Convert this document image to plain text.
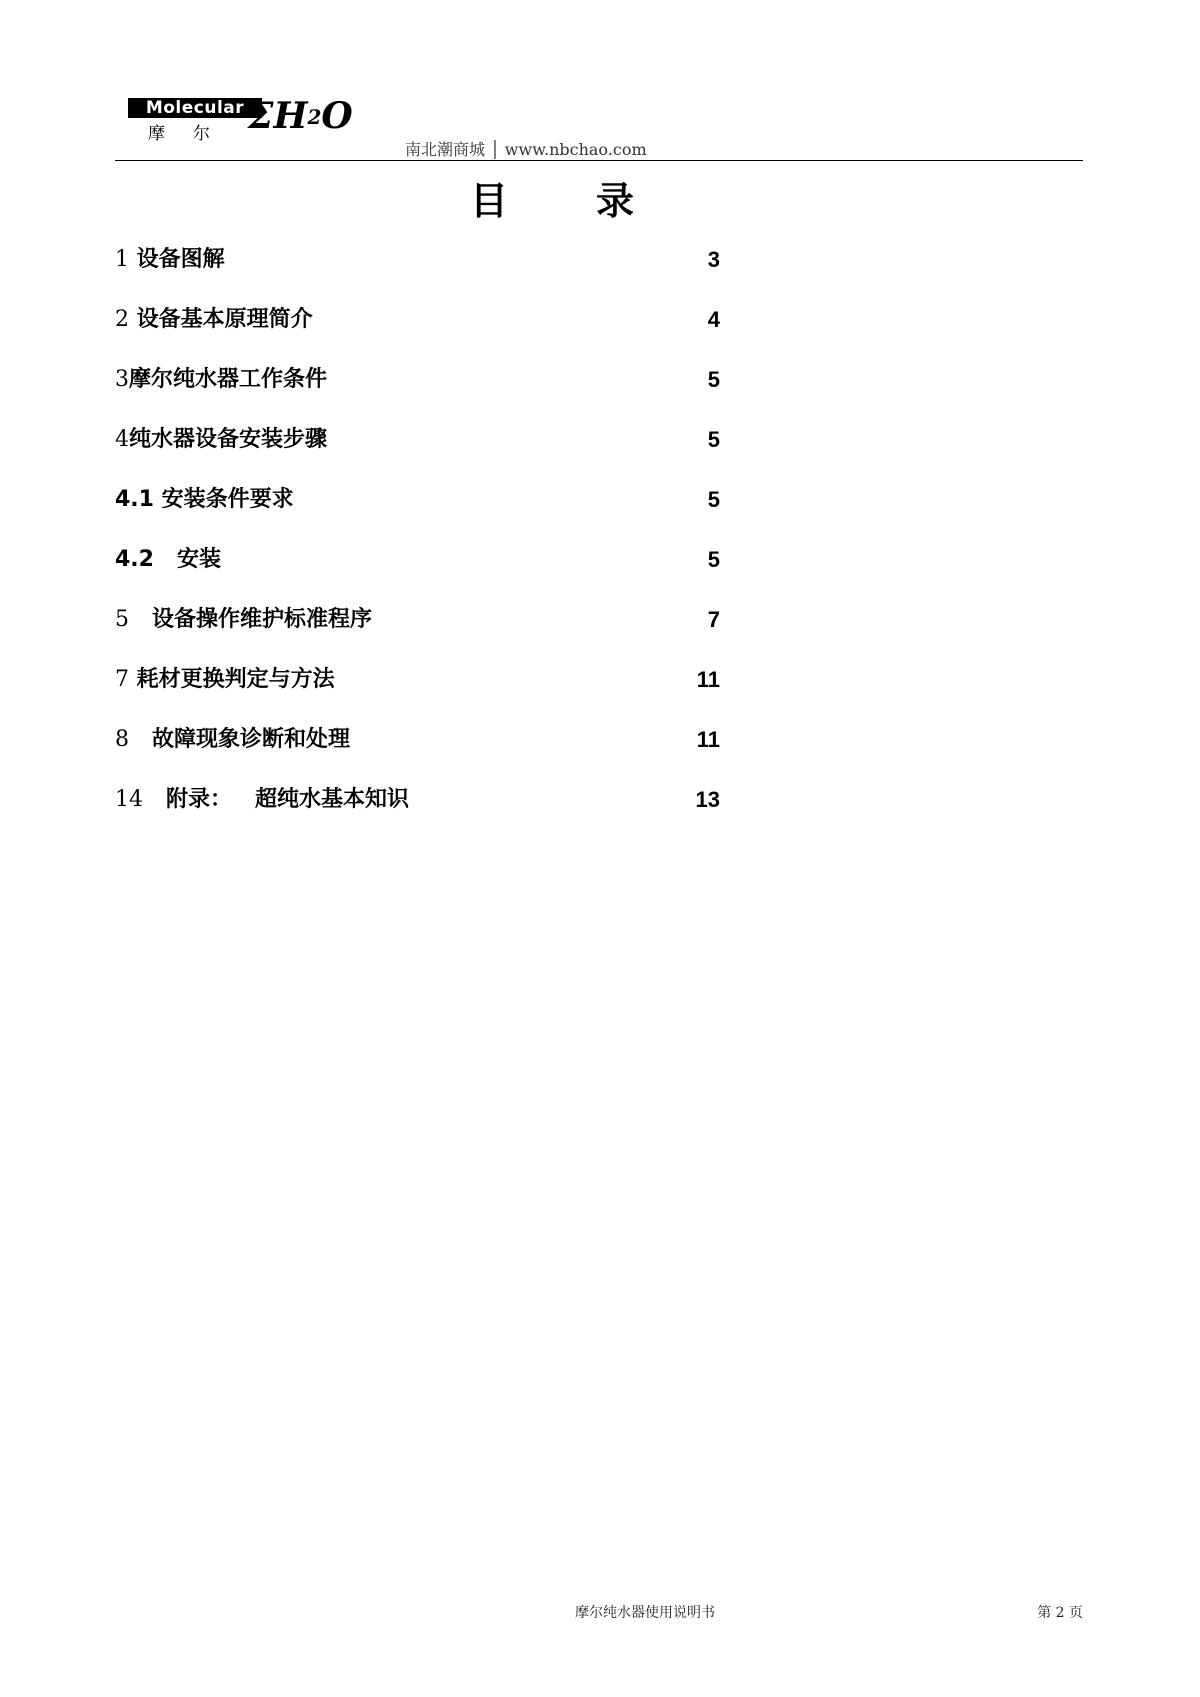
Molecular
摩尔 $\Sigma H^2O$
南北潮商城 │ www.nbchao.com
目录
1 设备图解	3
2 设备基本原理简介	4
3摩尔纯水器工作条件	5
4纯水器设备安装步骤	5
4.1 安装条件要求	5
4.2   安装	5
5   设备操作维护标准程序	7
7 耗材更换判定与方法	11
8   故障现象诊断和处理	11
14   附录：   超纯水基本知识	13
摩尔纯水器使用说明书	第 2 页
